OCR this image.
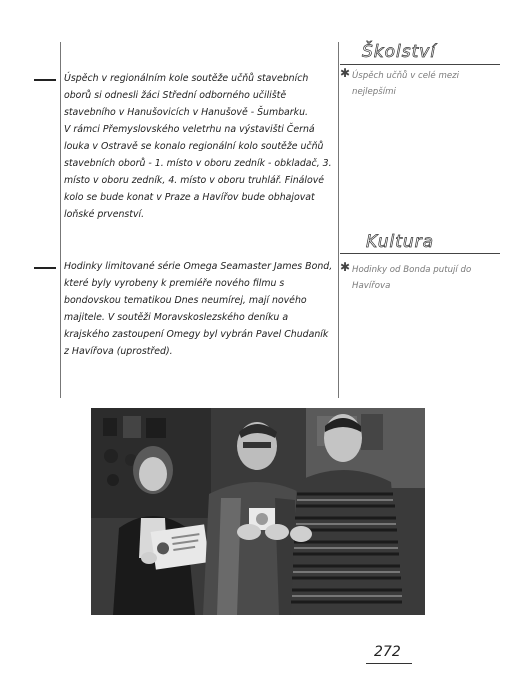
Školství
Úspěch v regionálním kole soutěže učňů stavebních oborů si odnesli žáci Střední odborného učiliště stavebního v Hanušovicích v Hanušově - Šumbarku.
V rámci Přemyslovského veletrhu na výstavišti Černá louka v Ostravě se konalo regionální kolo soutěže učňů stavebních oborů - 1. místo v oboru zedník - obkladač, 3. místo v oboru zedník, 4. místo v oboru truhlář. Finálové kolo se bude konat v Praze a Havířov bude obhajovat loňské prvenství.
✱ Úspěch učňů v celé mezi nejlepšími
Kultura
Hodinky limitované série Omega Seamaster James Bond, které byly vyrobeny k premiéře nového filmu s bondovskou tematikou Dnes neumírej, mají nového majitele. V soutěži Moravskoslezského deníku a krajského zastoupení Omegy byl vybrán Pavel Chudaník z Havířova (uprostřed).
✱ Hodinky od Bonda putují do Havířova
272
